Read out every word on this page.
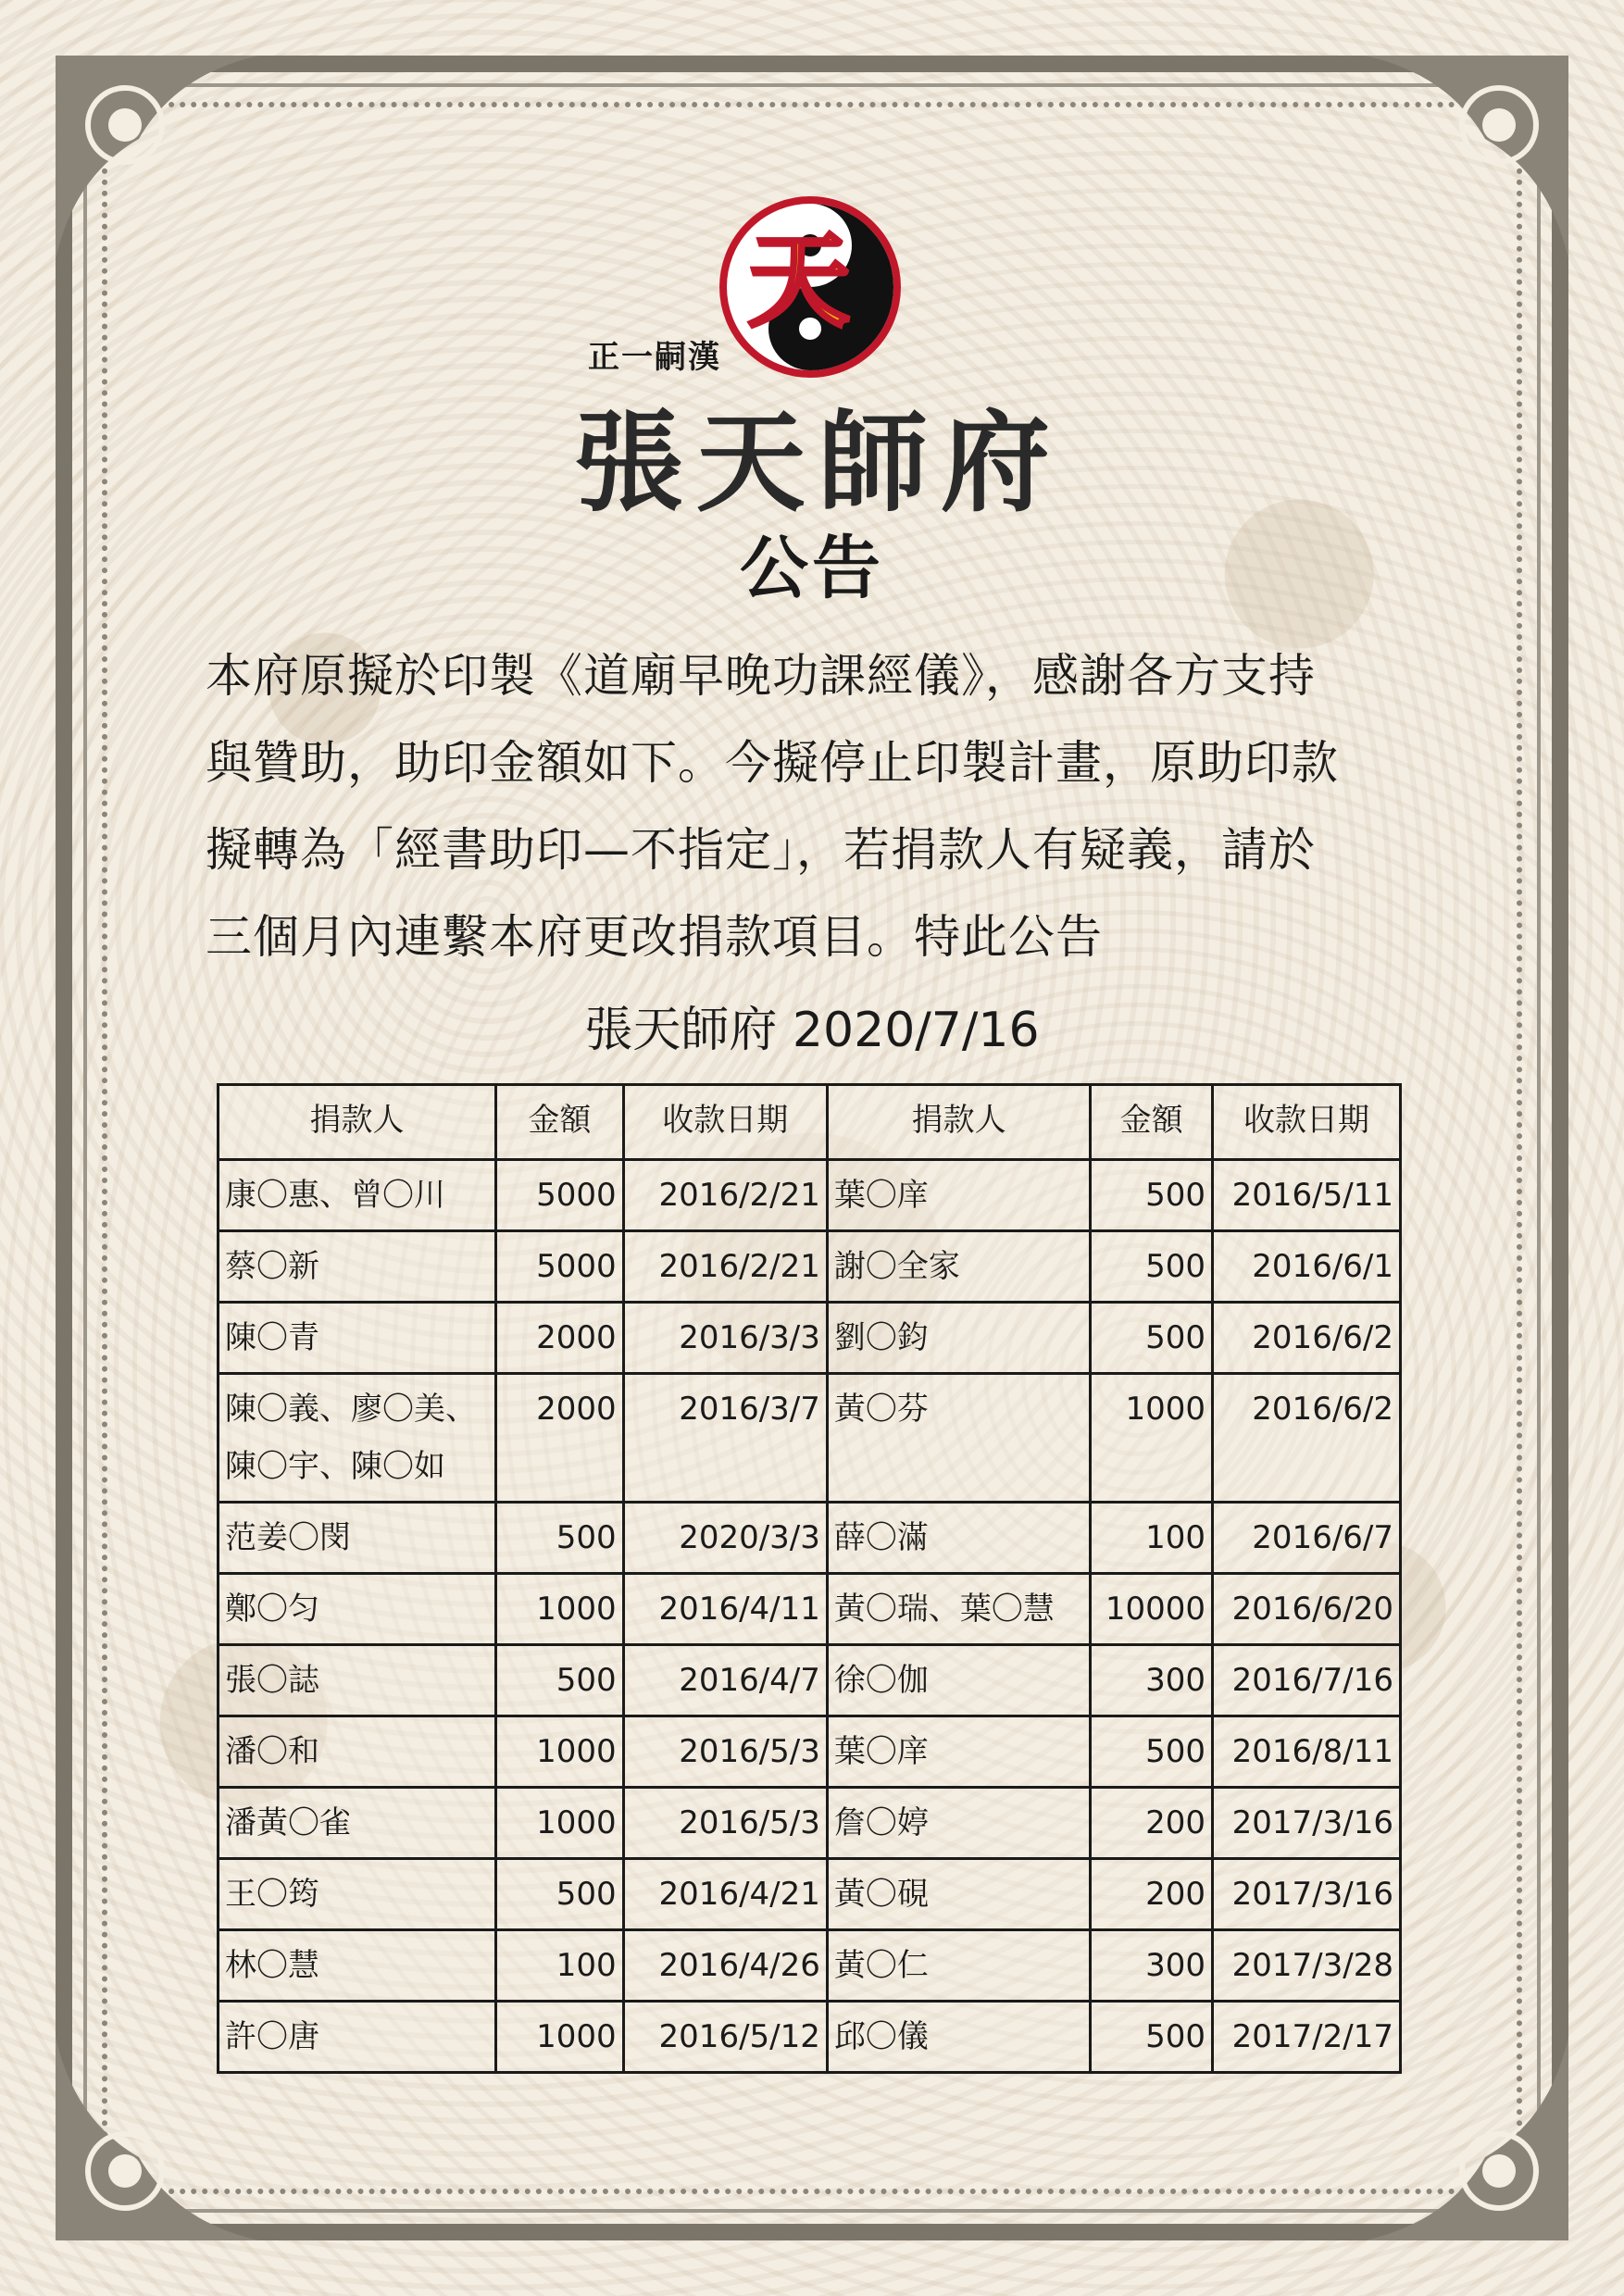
天
正一嗣漢
張天師府
公告
本府原擬於印製《道廟早晚功課經儀》，感謝各方支持
與贊助，助印金額如下。今擬停止印製計畫，原助印款
擬轉為「經書助印—不指定」，若捐款人有疑義，請於
三個月內連繫本府更改捐款項目。特此公告
張天師府 2020/7/16
捐款人	金額	收款日期	捐款人	金額	收款日期
康〇惠、曾〇川	5000	2016/2/21	葉〇庠	500	2016/5/11
蔡〇新	5000	2016/2/21	謝〇全家	500	2016/6/1
陳〇青	2000	2016/3/3	劉〇鈞	500	2016/6/2
陳〇義、廖〇美、陳〇宇、陳〇如	2000	2016/3/7	黃〇芬	1000	2016/6/2
范姜〇閔	500	2020/3/3	薛〇滿	100	2016/6/7
鄭〇匀	1000	2016/4/11	黃〇瑞、葉〇慧	10000	2016/6/20
張〇誌	500	2016/4/7	徐〇伽	300	2016/7/16
潘〇和	1000	2016/5/3	葉〇庠	500	2016/8/11
潘黃〇雀	1000	2016/5/3	詹〇婷	200	2017/3/16
王〇筠	500	2016/4/21	黃〇硯	200	2017/3/16
林〇慧	100	2016/4/26	黃〇仁	300	2017/3/28
許〇唐	1000	2016/5/12	邱〇儀	500	2017/2/17
